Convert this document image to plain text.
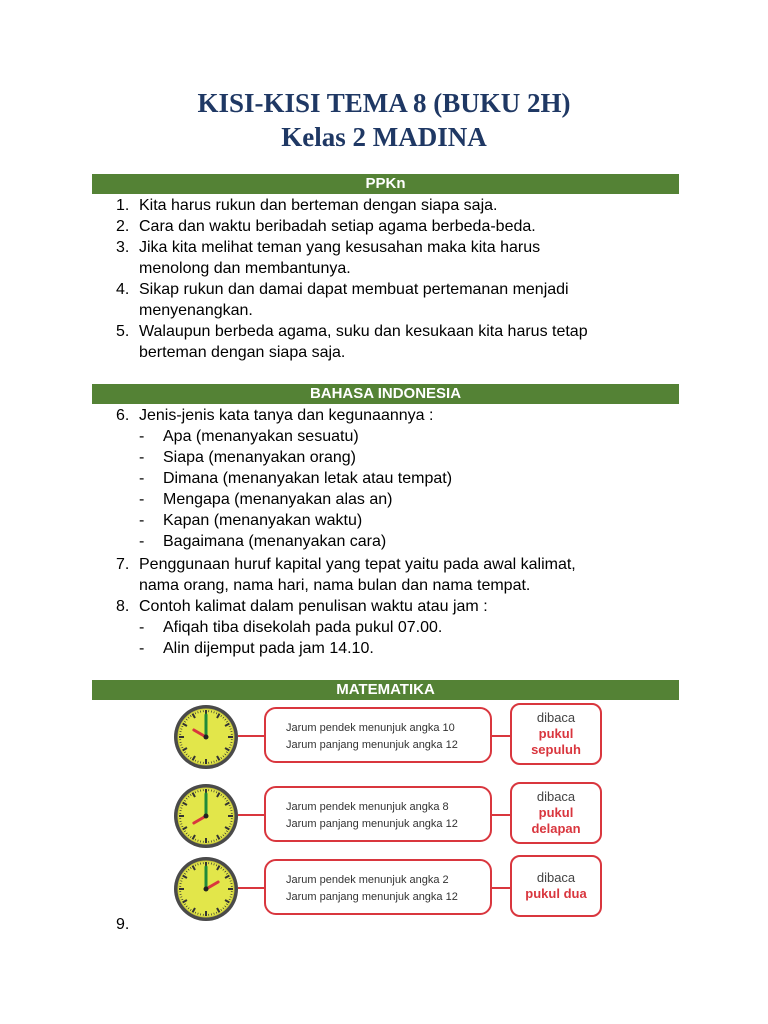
KISI-KISI TEMA 8 (BUKU 2H)
Kelas 2 MADINA
PPKn
1. Kita harus rukun dan berteman dengan siapa saja.
2. Cara dan waktu beribadah setiap agama berbeda-beda.
3. Jika kita melihat teman yang kesusahan maka kita harus
menolong dan membantunya.
4. Sikap rukun dan damai dapat membuat pertemanan menjadi
menyenangkan.
5. Walaupun berbeda agama, suku dan kesukaan kita harus tetap
berteman dengan siapa saja.
BAHASA INDONESIA
6. Jenis-jenis kata tanya dan kegunaannya :
- Apa (menanyakan sesuatu)
- Siapa (menanyakan orang)
- Dimana (menanyakan letak atau tempat)
- Mengapa (menanyakan alas an)
- Kapan (menanyakan waktu)
- Bagaimana (menanyakan cara)
7. Penggunaan huruf kapital yang tepat yaitu pada awal kalimat,
nama orang, nama hari, nama bulan dan nama tempat.
8. Contoh kalimat dalam penulisan waktu atau jam :
- Afiqah tiba disekolah pada pukul 07.00.
- Alin dijemput pada jam 14.10.
MATEMATIKA
Jarum pendek menunjuk angka 10
Jarum panjang menunjuk angka 12
dibaca
pukul
sepuluh
Jarum pendek menunjuk angka 8
Jarum panjang menunjuk angka 12
dibaca
pukul
delapan
Jarum pendek menunjuk angka 2
Jarum panjang menunjuk angka 12
dibaca
pukul dua
9.
